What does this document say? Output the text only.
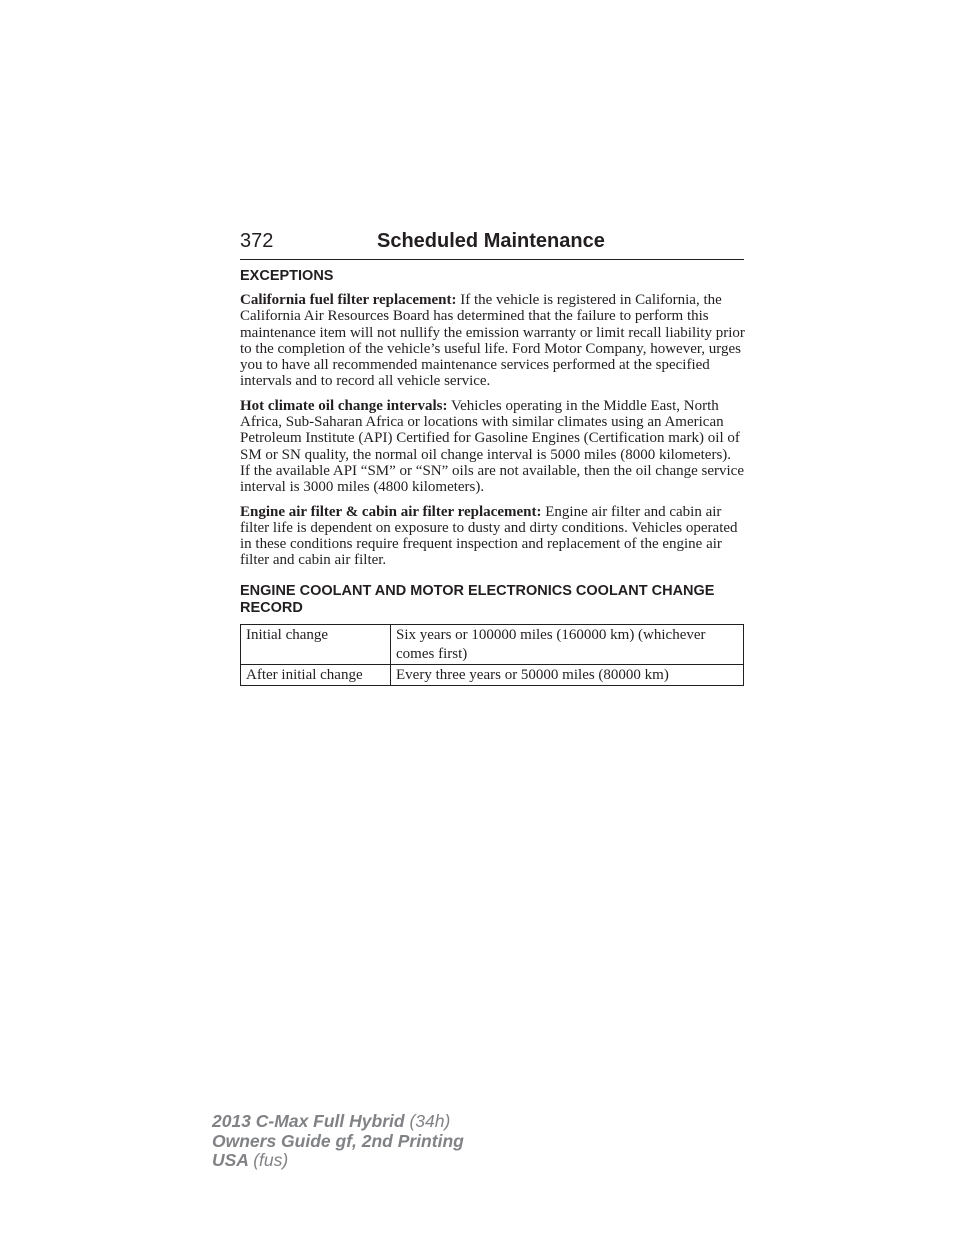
372	Scheduled Maintenance
EXCEPTIONS

California fuel filter replacement: If the vehicle is registered in California, the California Air Resources Board has determined that the failure to perform this maintenance item will not nullify the emission warranty or limit recall liability prior to the completion of the vehicle’s useful life. Ford Motor Company, however, urges you to have all recommended maintenance services performed at the specified intervals and to record all vehicle service.

Hot climate oil change intervals: Vehicles operating in the Middle East, North Africa, Sub-Saharan Africa or locations with similar climates using an American Petroleum Institute (API) Certified for Gasoline Engines (Certification mark) oil of SM or SN quality, the normal oil change interval is 5000 miles (8000 kilometers).

If the available API “SM” or “SN” oils are not available, then the oil change service interval is 3000 miles (4800 kilometers).

Engine air filter & cabin air filter replacement: Engine air filter and cabin air filter life is dependent on exposure to dusty and dirty conditions. Vehicles operated in these conditions require frequent inspection and replacement of the engine air filter and cabin air filter.

ENGINE COOLANT AND MOTOR ELECTRONICS COOLANT CHANGE RECORD
Initial change	Six years or 100000 miles (160000 km) (whichever comes first)
After initial change	Every three years or 50000 miles (80000 km)
2013 C-Max Full Hybrid (34h)
Owners Guide gf, 2nd Printing
USA (fus)
